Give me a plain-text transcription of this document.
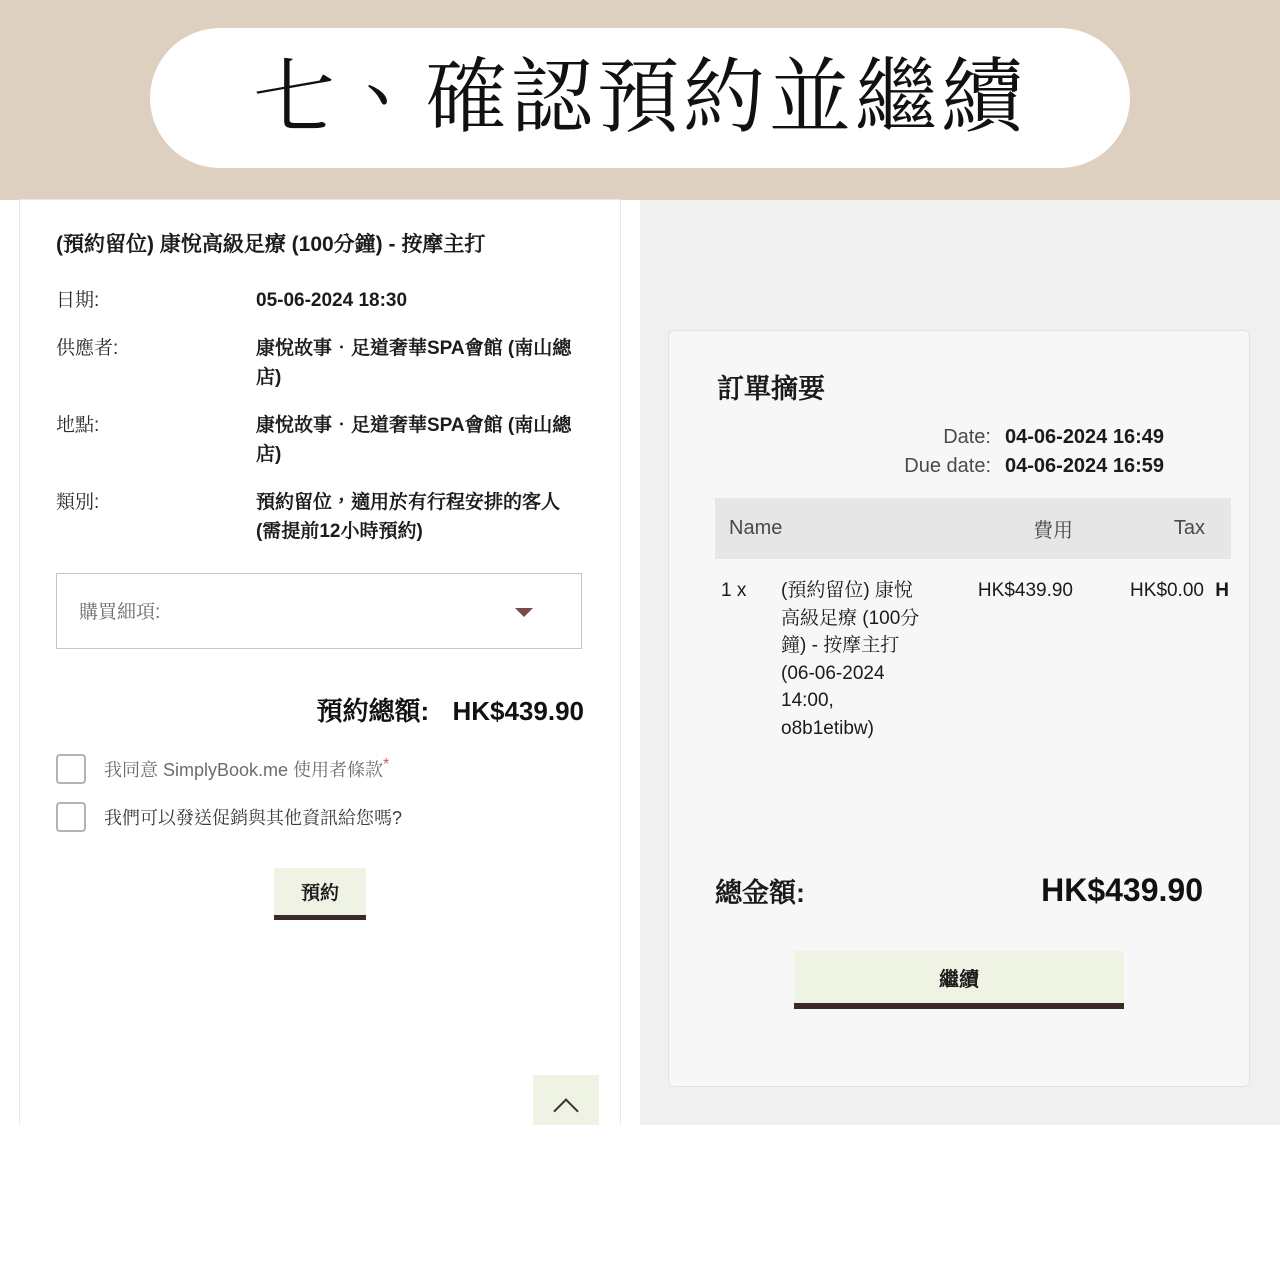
七、確認預約並繼續
(預約留位) 康悅高級足療 (100分鐘) - 按摩主打
日期:	05-06-2024 18:30
供應者:	康悅故事．足道奢華SPA會館 (南山總店)
地點:	康悅故事．足道奢華SPA會館 (南山總店)
類別:	預約留位，適用於有行程安排的客人 (需提前12小時預約)
購買細項:
預約總額: HK$439.90
我同意 SimplyBook.me 使用者條款*
我們可以發送促銷與其他資訊給您嗎?
預約
訂單摘要
Date: 04-06-2024 16:49
Due date: 04-06-2024 16:59
Name		費用	Tax	
1 x	(預約留位) 康悅高級足療 (100分鐘) - 按摩主打 (06-06-2024 14:00, o8b1etibw)	HK$439.90	HK$0.00	H
總金額:	HK$439.90
繼續
